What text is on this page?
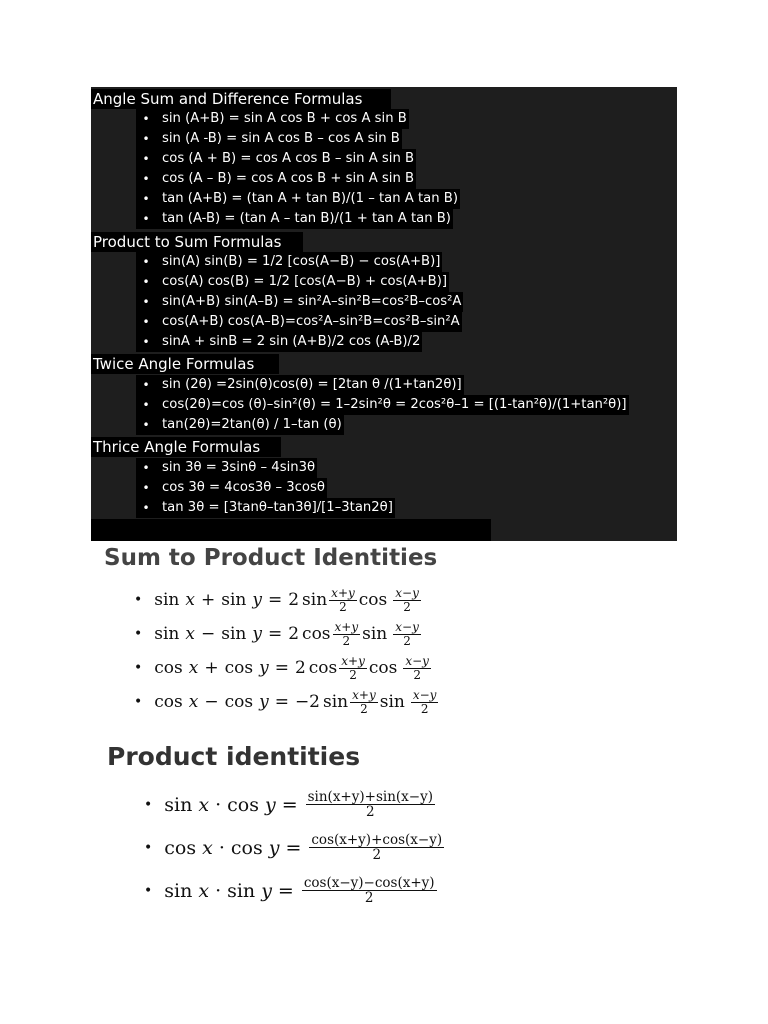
Angle Sum and Difference Formulas
• sin (A+B) = sin A cos B + cos A sin B
• sin (A -B) = sin A cos B – cos A sin B
• cos (A + B) = cos A cos B – sin A sin B
• cos (A – B) = cos A cos B + sin A sin B
• tan (A+B) = (tan A + tan B)/(1 – tan A tan B)
• tan (A-B) = (tan A – tan B)/(1 + tan A tan B)
Product to Sum Formulas
• sin(A) sin(B) = 1/2 [cos(A−B) − cos(A+B)]
• cos(A) cos(B) = 1/2 [cos(A−B) + cos(A+B)]
• sin(A+B) sin(A–B) = sin²A–sin²B=cos²B–cos²A
• cos(A+B) cos(A–B)=cos²A–sin²B=cos²B–sin²A
• sinA + sinB = 2 sin (A+B)/2 cos (A-B)/2
Twice Angle Formulas
• sin (2θ) =2sin(θ)cos(θ) = [2tan θ /(1+tan2θ)]
• cos(2θ)=cos (θ)–sin²(θ) = 1–2sin²θ = 2cos²θ–1 = [(1-tan²θ)/(1+tan²θ)]
• tan(2θ)=2tan(θ) / 1–tan (θ)
Thrice Angle Formulas
• sin 3θ = 3sinθ – 4sin3θ
• cos 3θ = 4cos3θ – 3cosθ
• tan 3θ = [3tanθ–tan3θ]/[1–3tan2θ]
Sum to Product Identities
• sin x + sin y = 2 $\sin \frac{x+y}{2}$ $\cos \frac{x-y}{2}$
• sin x − sin y = 2 $\cos \frac{x+y}{2}$ $\sin \frac{x-y}{2}$
• cos x + cos y = 2 $\cos \frac{x+y}{2}$ $\cos \frac{x-y}{2}$
• cos x − cos y = −2 $\sin \frac{x+y}{2}$ $\sin \frac{x-y}{2}$
Product identities
• $\sin x \cdot \cos y = \frac{\sin(x+y)+\sin(x-y)}{2}$
• $\cos x \cdot \cos y = \frac{\cos(x+y)+\cos(x-y)}{2}$
• $\sin x \cdot \sin y = \frac{\cos(x-y)-\cos(x+y)}{2}$
